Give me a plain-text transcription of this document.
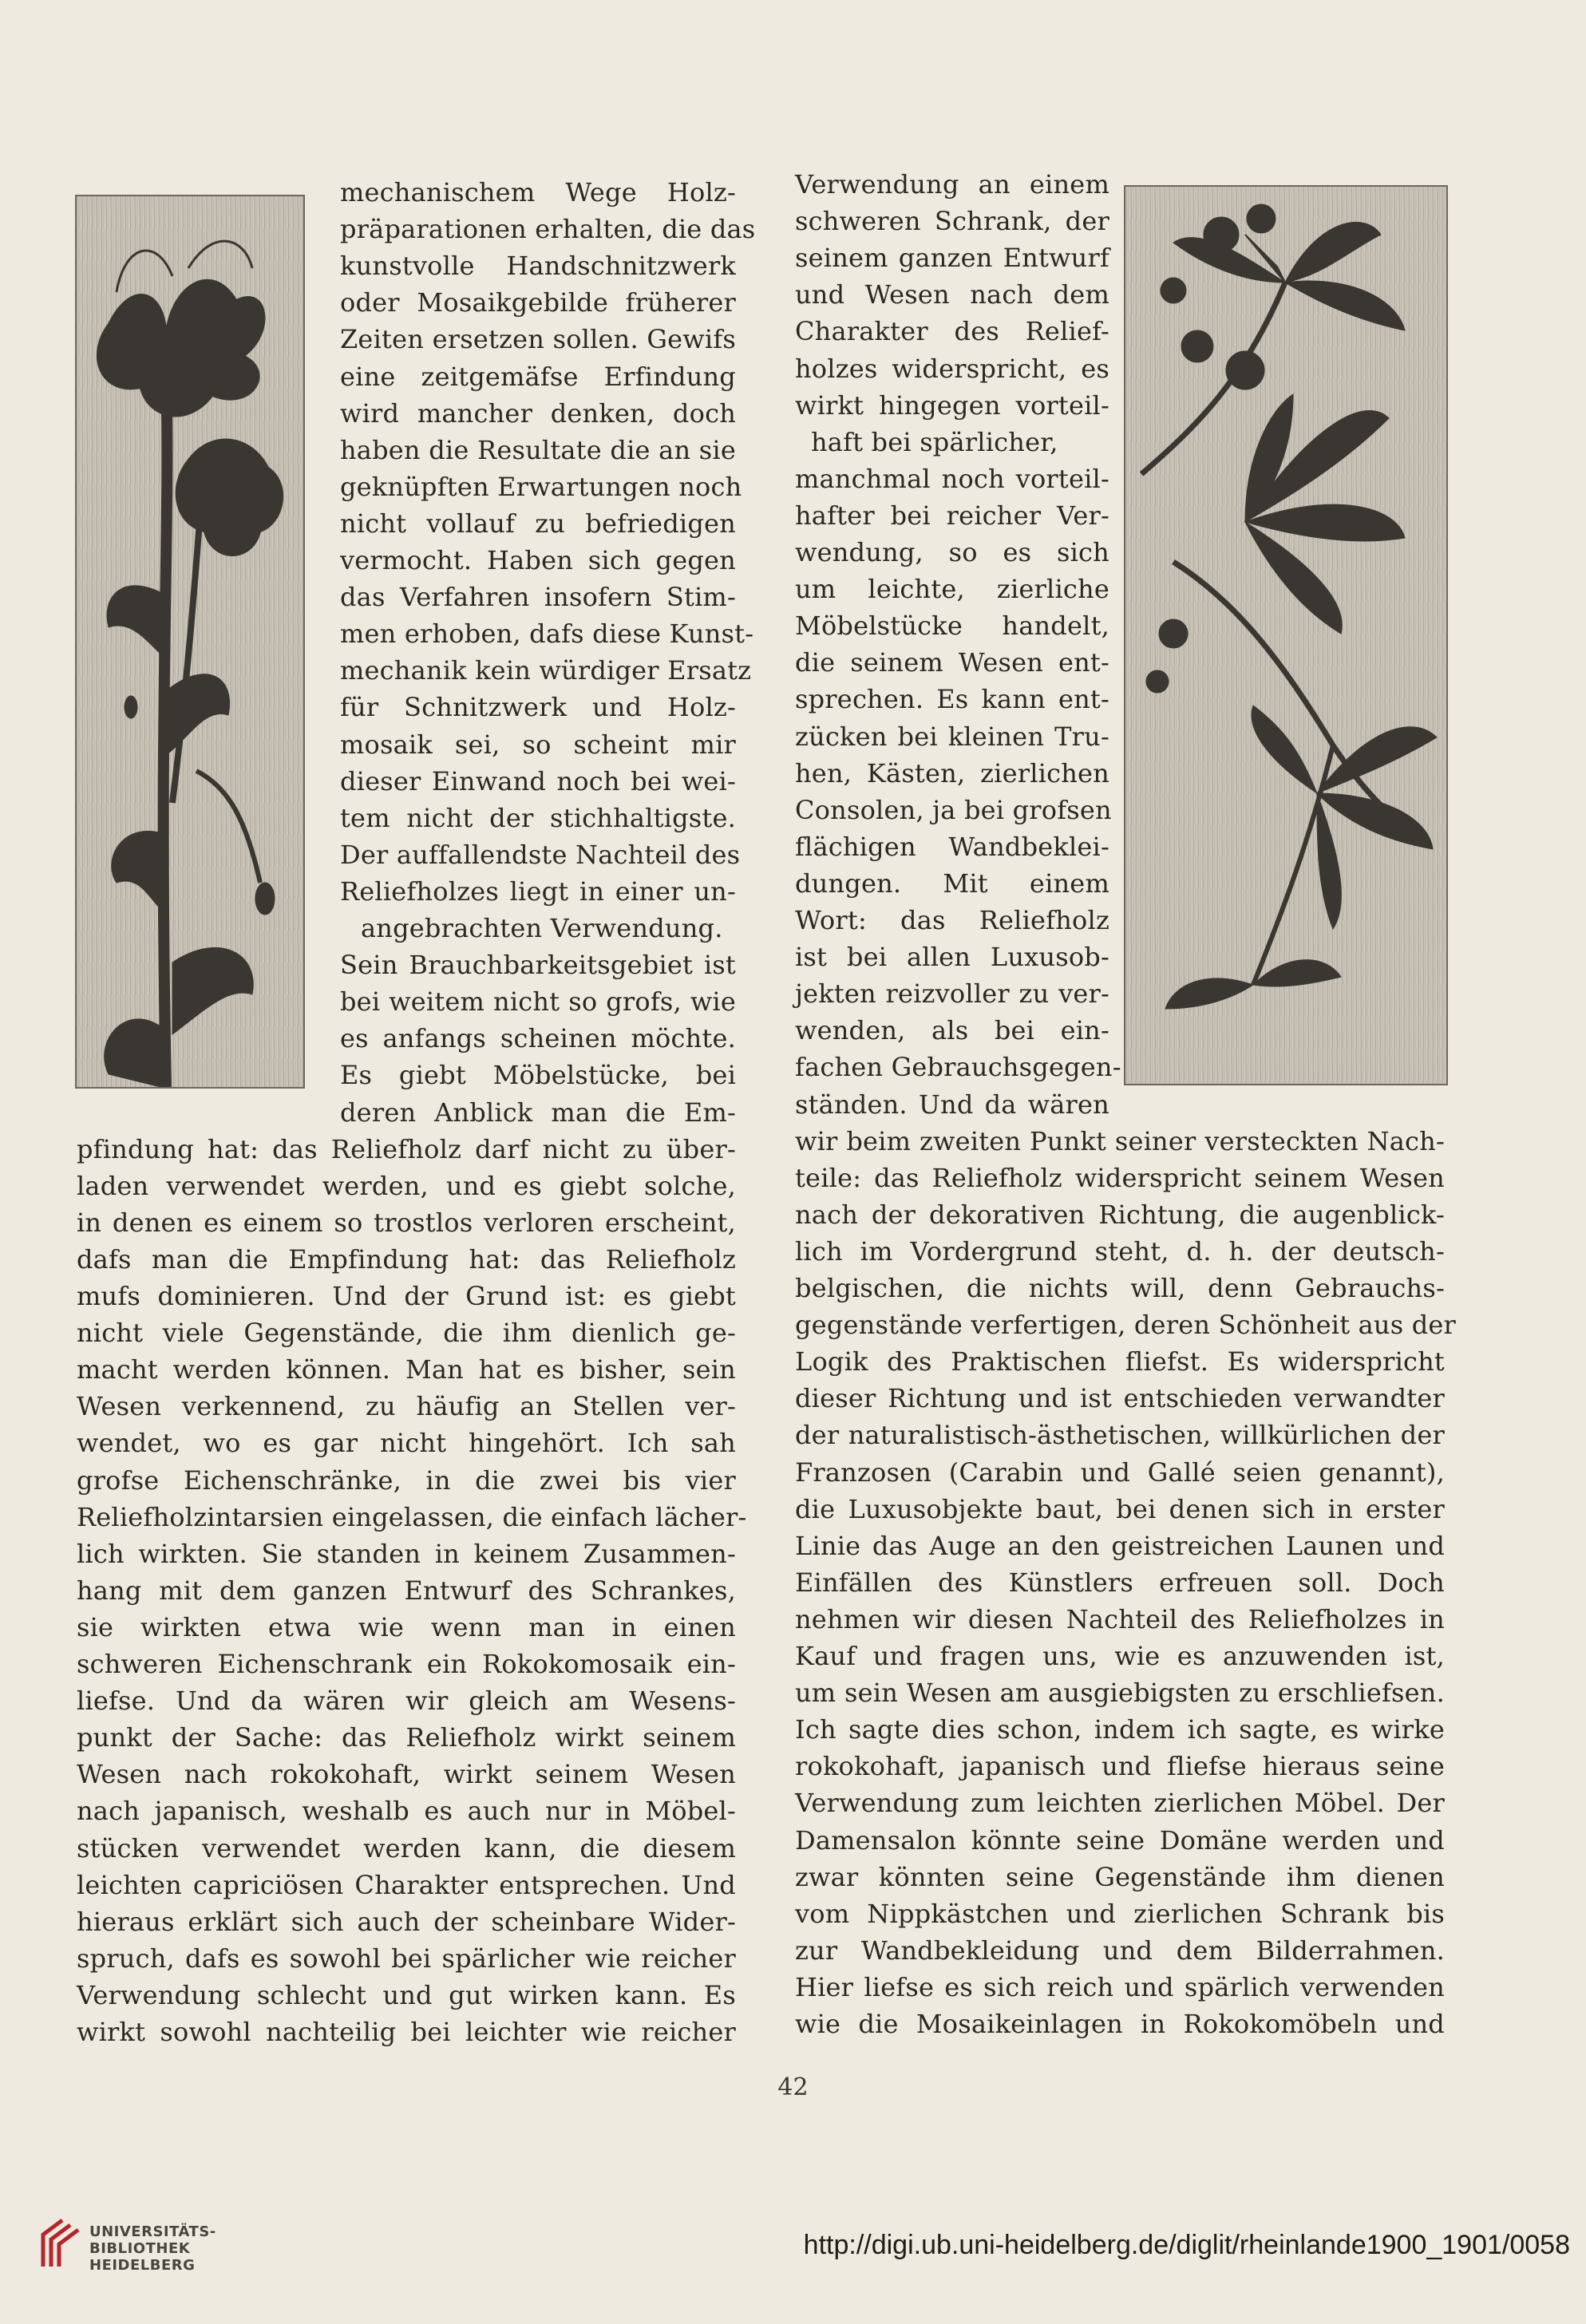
mechanischem Wege Holz-
präparationen erhalten, die das
kunstvolle Handschnitzwerk
oder Mosaikgebilde früherer
Zeiten ersetzen sollen. Gewifs
eine zeitgemäfse Erfindung
wird mancher denken, doch
haben die Resultate die an sie
geknüpften Erwartungen noch
nicht vollauf zu befriedigen
vermocht. Haben sich gegen
das Verfahren insofern Stim-
men erhoben, dafs diese Kunst-
mechanik kein würdiger Ersatz
für Schnitzwerk und Holz-
mosaik sei, so scheint mir
dieser Einwand noch bei wei-
tem nicht der stichhaltigste.
Der auffallendste Nachteil des
Reliefholzes liegt in einer un-
angebrachten Verwendung.
Sein Brauchbarkeitsgebiet ist
bei weitem nicht so grofs, wie
es anfangs scheinen möchte.
Es giebt Möbelstücke, bei
deren Anblick man die Em-
pfindung hat: das Reliefholz darf nicht zu über-
laden verwendet werden, und es giebt solche,
in denen es einem so trostlos verloren erscheint,
dafs man die Empfindung hat: das Reliefholz
mufs dominieren. Und der Grund ist: es giebt
nicht viele Gegenstände, die ihm dienlich ge-
macht werden können. Man hat es bisher, sein
Wesen verkennend, zu häufig an Stellen ver-
wendet, wo es gar nicht hingehört. Ich sah
grofse Eichenschränke, in die zwei bis vier
Reliefholzintarsien eingelassen, die einfach lächer-
lich wirkten. Sie standen in keinem Zusammen-
hang mit dem ganzen Entwurf des Schrankes,
sie wirkten etwa wie wenn man in einen
schweren Eichenschrank ein Rokokomosaik ein-
liefse. Und da wären wir gleich am Wesens-
punkt der Sache: das Reliefholz wirkt seinem
Wesen nach rokokohaft, wirkt seinem Wesen
nach japanisch, weshalb es auch nur in Möbel-
stücken verwendet werden kann, die diesem
leichten capriciösen Charakter entsprechen. Und
hieraus erklärt sich auch der scheinbare Wider-
spruch, dafs es sowohl bei spärlicher wie reicher
Verwendung schlecht und gut wirken kann. Es
wirkt sowohl nachteilig bei leichter wie reicher
Verwendung an einem
schweren Schrank, der
seinem ganzen Entwurf
und Wesen nach dem
Charakter des Relief-
holzes widerspricht, es
wirkt hingegen vorteil-
haft bei spärlicher,
manchmal noch vorteil-
hafter bei reicher Ver-
wendung, so es sich
um leichte, zierliche
Möbelstücke handelt,
die seinem Wesen ent-
sprechen. Es kann ent-
zücken bei kleinen Tru-
hen, Kästen, zierlichen
Consolen, ja bei grofsen
flächigen Wandbeklei-
dungen. Mit einem
Wort: das Reliefholz
ist bei allen Luxusob-
jekten reizvoller zu ver-
wenden, als bei ein-
fachen Gebrauchsgegen-
ständen. Und da wären
wir beim zweiten Punkt seiner versteckten Nach-
teile: das Reliefholz widerspricht seinem Wesen
nach der dekorativen Richtung, die augenblick-
lich im Vordergrund steht, d. h. der deutsch-
belgischen, die nichts will, denn Gebrauchs-
gegenstände verfertigen, deren Schönheit aus der
Logik des Praktischen fliefst. Es widerspricht
dieser Richtung und ist entschieden verwandter
der naturalistisch-ästhetischen, willkürlichen der
Franzosen (Carabin und Gallé seien genannt),
die Luxusobjekte baut, bei denen sich in erster
Linie das Auge an den geistreichen Launen und
Einfällen des Künstlers erfreuen soll. Doch
nehmen wir diesen Nachteil des Reliefholzes in
Kauf und fragen uns, wie es anzuwenden ist,
um sein Wesen am ausgiebigsten zu erschliefsen.
Ich sagte dies schon, indem ich sagte, es wirke
rokokohaft, japanisch und fliefse hieraus seine
Verwendung zum leichten zierlichen Möbel. Der
Damensalon könnte seine Domäne werden und
zwar könnten seine Gegenstände ihm dienen
vom Nippkästchen und zierlichen Schrank bis
zur Wandbekleidung und dem Bilderrahmen.
Hier liefse es sich reich und spärlich verwenden
wie die Mosaikeinlagen in Rokokomöbeln und
42
UNIVERSITÄTS-
BIBLIOTHEK
HEIDELBERG
http://digi.ub.uni-heidelberg.de/diglit/rheinlande1900_1901/0058
